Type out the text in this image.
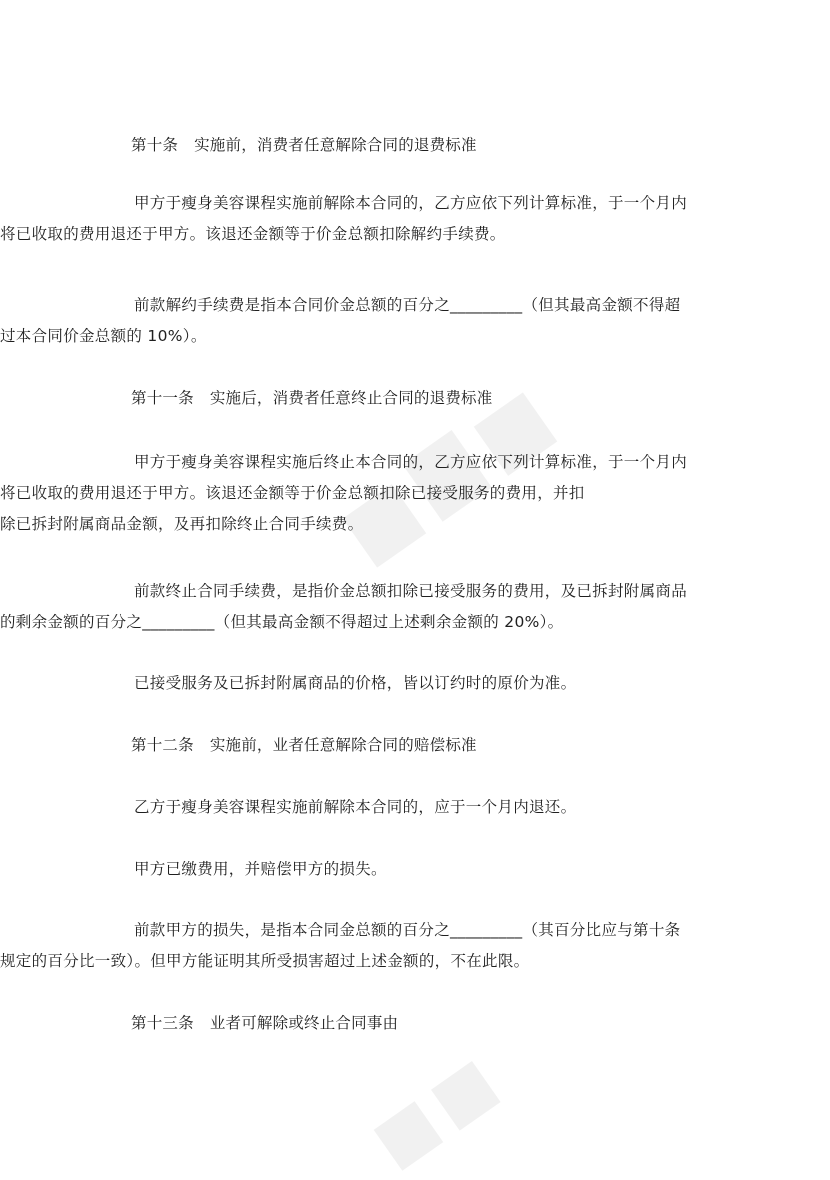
第十条 实施前，消费者任意解除合同的退费标准
甲方于瘦身美容课程实施前解除本合同的，乙方应依下列计算标准，于一个月内
将已收取的费用退还于甲方。该退还金额等于价金总额扣除解约手续费。
前款解约手续费是指本合同价金总额的百分之_________（但其最高金额不得超
过本合同价金总额的 10%）。
第十一条 实施后，消费者任意终止合同的退费标准
甲方于瘦身美容课程实施后终止本合同的，乙方应依下列计算标准，于一个月内
将已收取的费用退还于甲方。该退还金额等于价金总额扣除已接受服务的费用，并扣
除已拆封附属商品金额，及再扣除终止合同手续费。
前款终止合同手续费，是指价金总额扣除已接受服务的费用，及已拆封附属商品
的剩余金额的百分之_________（但其最高金额不得超过上述剩余金额的 20%）。
已接受服务及已拆封附属商品的价格，皆以订约时的原价为准。
第十二条 实施前，业者任意解除合同的赔偿标准
乙方于瘦身美容课程实施前解除本合同的，应于一个月内退还。
甲方已缴费用，并赔偿甲方的损失。
前款甲方的损失，是指本合同金总额的百分之_________（其百分比应与第十条
规定的百分比一致）。但甲方能证明其所受损害超过上述金额的，不在此限。
第十三条 业者可解除或终止合同事由
